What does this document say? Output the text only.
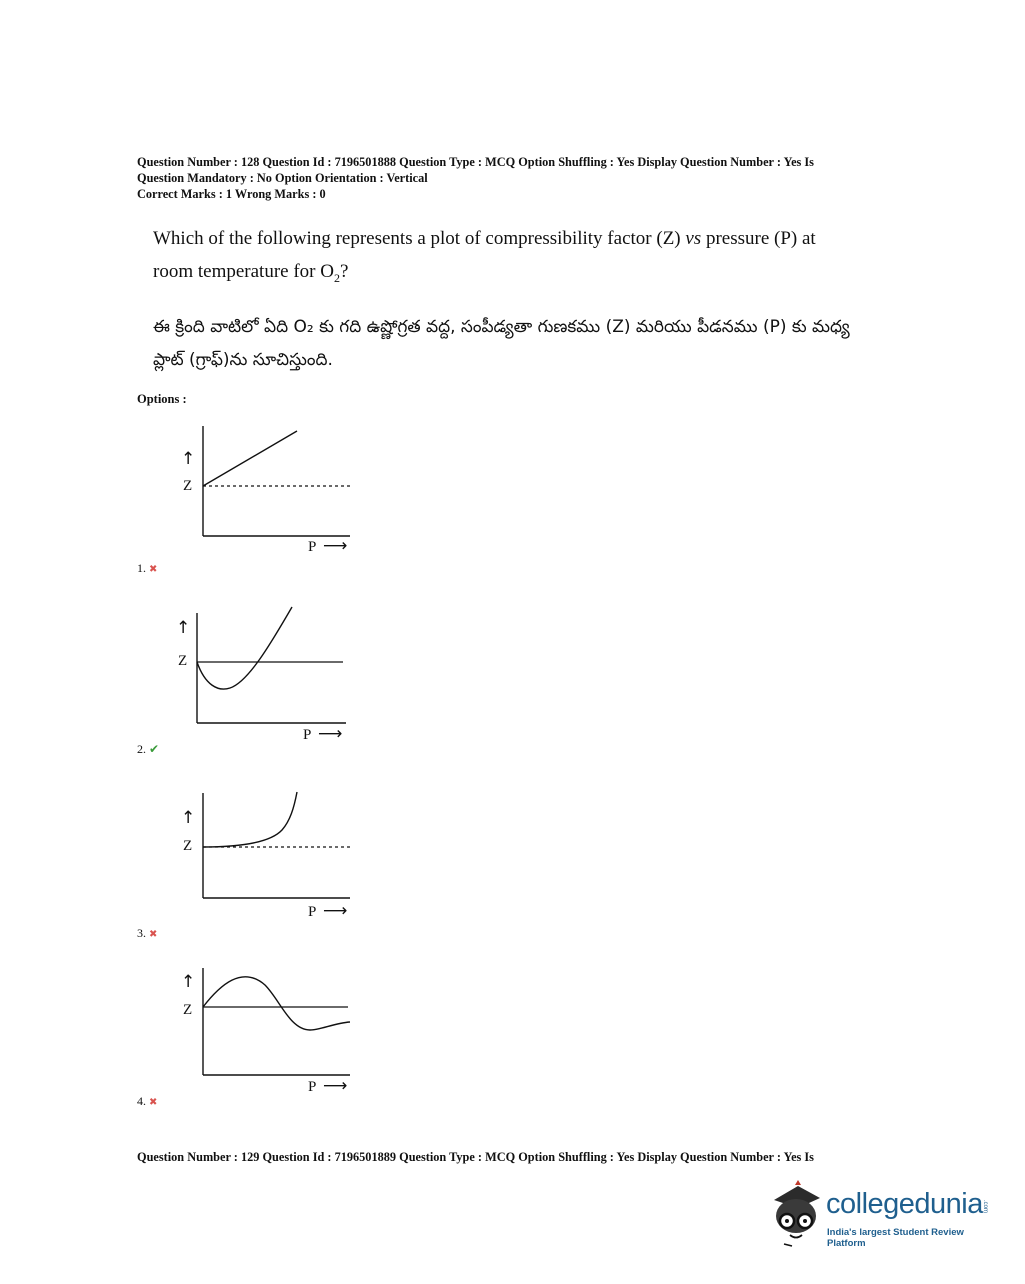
Question Number : 128 Question Id : 7196501888 Question Type : MCQ Option Shuffling : Yes Display Question Number : Yes Is

Question Mandatory : No Option Orientation : Vertical

Correct Marks : 1 Wrong Marks : 0

Which of the following represents a plot of compressibility factor (Z) vs pressure (P) at room temperature for $O_2$?

ఈ క్రింది వాటిలో ఏది O₂ కు గది ఉష్ణోగ్రత వద్ద, సంపీడ్యతా గుణకము (Z) మరియు పీడనము (P) కు మధ్య ప్లాట్ (గ్రాఫ్)ను సూచిస్తుంది.

Options :
↑
Z
P ⟶
1. ✖
↑
Z
P ⟶
2. ✔
↑
Z
P ⟶
3. ✖
↑
Z
P ⟶
4. ✖
Question Number : 129 Question Id : 7196501889 Question Type : MCQ Option Shuffling : Yes Display Question Number : Yes Is
collegedunia .com
India's largest Student Review Platform
